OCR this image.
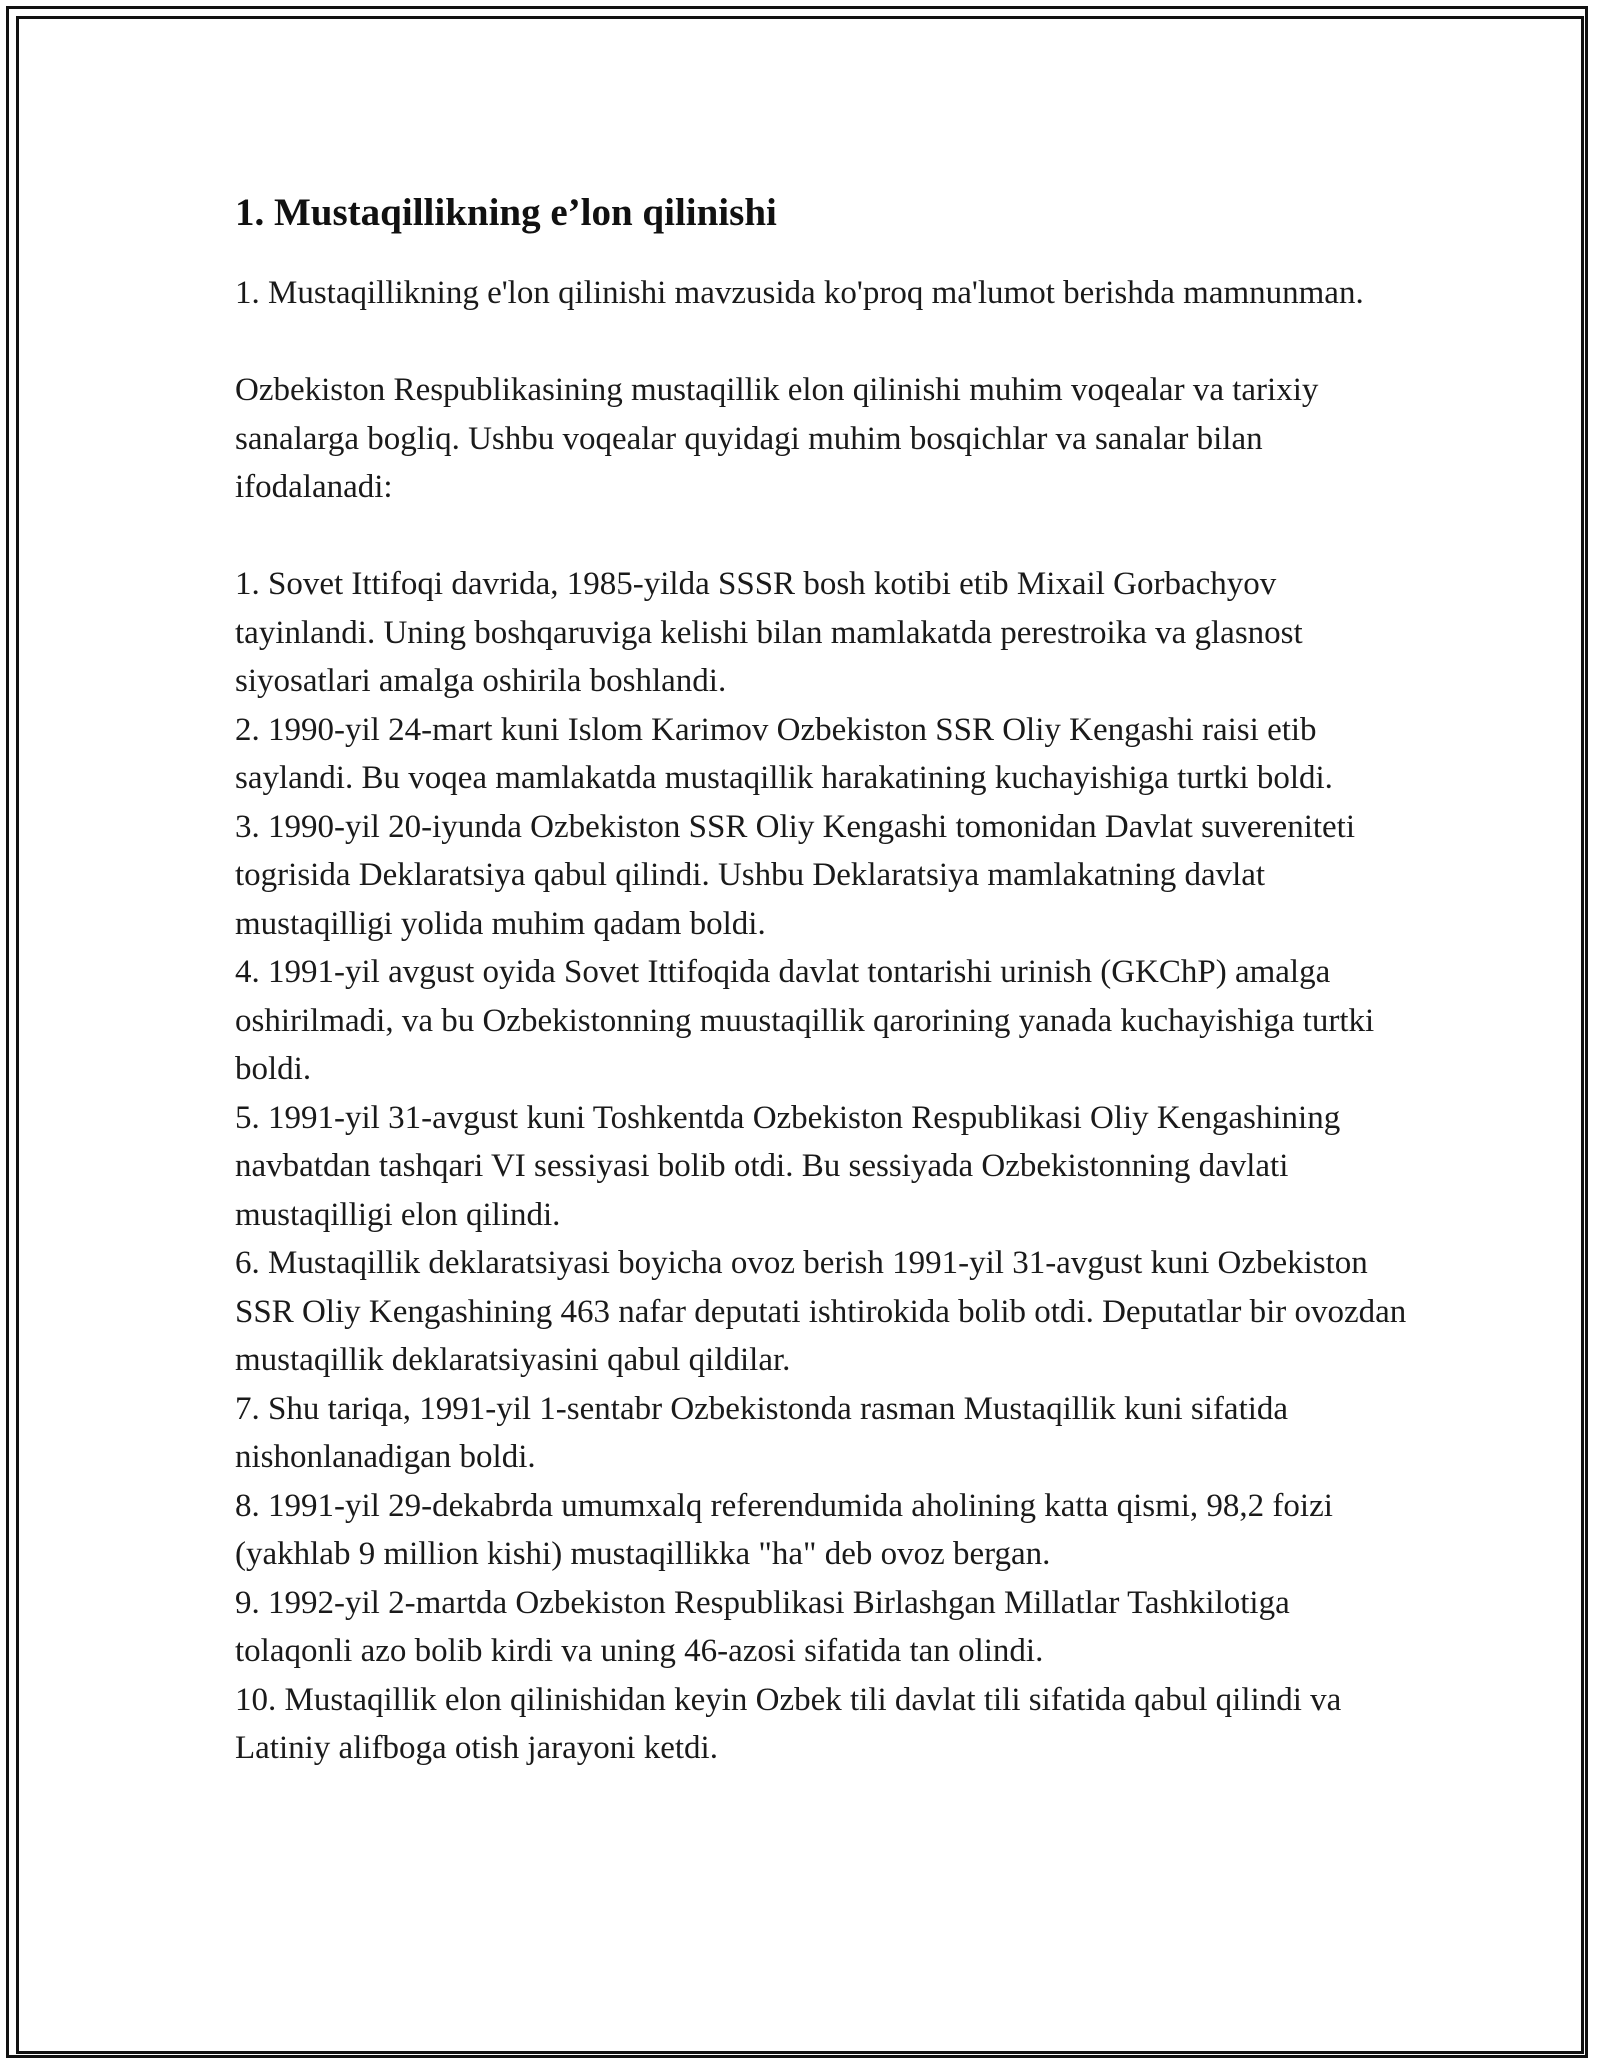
1. Mustaqillikning e’lon qilinishi

1. Mustaqillikning e'lon qilinishi mavzusida ko'proq ma'lumot berishda mamnunman.

Ozbekiston Respublikasining mustaqillik elon qilinishi muhim voqealar va tarixiy sanalarga bogliq. Ushbu voqealar quyidagi muhim bosqichlar va sanalar bilan ifodalanadi:

1. Sovet Ittifoqi davrida, 1985-yilda SSSR bosh kotibi etib Mixail Gorbachyov tayinlandi. Uning boshqaruviga kelishi bilan mamlakatda perestroika va glasnost siyosatlari amalga oshirila boshlandi.

2. 1990-yil 24-mart kuni Islom Karimov Ozbekiston SSR Oliy Kengashi raisi etib saylandi. Bu voqea mamlakatda mustaqillik harakatining kuchayishiga turtki boldi.

3. 1990-yil 20-iyunda Ozbekiston SSR Oliy Kengashi tomonidan Davlat suvereniteti togrisida Deklaratsiya qabul qilindi. Ushbu Deklaratsiya mamlakatning davlat mustaqilligi yolida muhim qadam boldi.

4. 1991-yil avgust oyida Sovet Ittifoqida davlat tontarishi urinish (GKChP) amalga oshirilmadi, va bu Ozbekistonning muustaqillik qarorining yanada kuchayishiga turtki boldi.

5. 1991-yil 31-avgust kuni Toshkentda Ozbekiston Respublikasi Oliy Kengashining navbatdan tashqari VI sessiyasi bolib otdi. Bu sessiyada Ozbekistonning davlati mustaqilligi elon qilindi.

6. Mustaqillik deklaratsiyasi boyicha ovoz berish 1991-yil 31-avgust kuni Ozbekiston SSR Oliy Kengashining 463 nafar deputati ishtirokida bolib otdi. Deputatlar bir ovozdan mustaqillik deklaratsiyasini qabul qildilar.

7. Shu tariqa, 1991-yil 1-sentabr Ozbekistonda rasman Mustaqillik kuni sifatida nishonlanadigan boldi.

8. 1991-yil 29-dekabrda umumxalq referendumida aholining katta qismi, 98,2 foizi (yakhlab 9 million kishi) mustaqillikka "ha" deb ovoz bergan.

9. 1992-yil 2-martda Ozbekiston Respublikasi Birlashgan Millatlar Tashkilotiga tolaqonli azo bolib kirdi va uning 46-azosi sifatida tan olindi.

10. Mustaqillik elon qilinishidan keyin Ozbek tili davlat tili sifatida qabul qilindi va Latiniy alifboga otish jarayoni ketdi.
